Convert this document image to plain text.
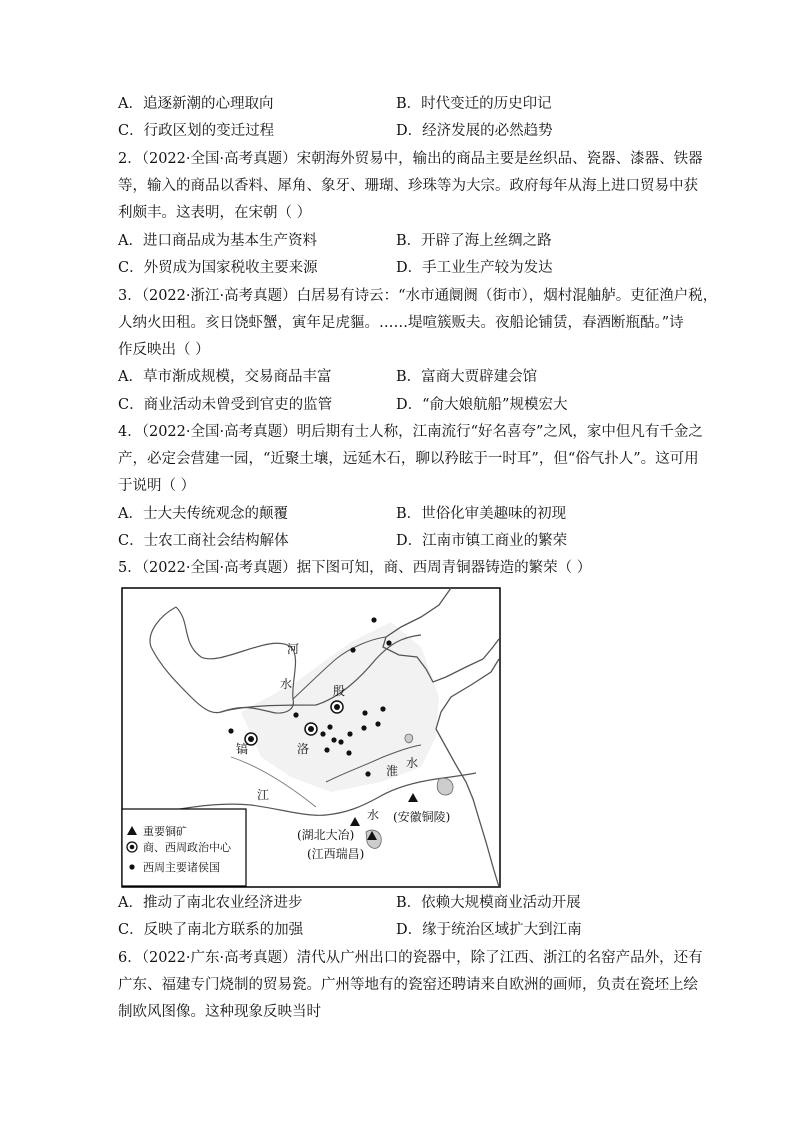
A．追逐新潮的心理取向	B．时代变迁的历史印记
C．行政区划的变迁过程	D．经济发展的必然趋势
2．（2022·全国·高考真题）宋朝海外贸易中，输出的商品主要是丝织品、瓷器、漆器、铁器
等，输入的商品以香料、犀角、象牙、珊瑚、珍珠等为大宗。政府每年从海上进口贸易中获
利颇丰。这表明，在宋朝（ ）
A．进口商品成为基本生产资料	B．开辟了海上丝绸之路
C．外贸成为国家税收主要来源	D．手工业生产较为发达
3．（2022·浙江·高考真题）白居易有诗云：“水市通阛阓（街市），烟村混舳舻。吏征渔户税，
人纳火田租。亥日饶虾蟹，寅年足虎貙。……堤喧簇贩夫。夜船论铺赁，春酒断瓶酤。”诗
作反映出（ ）
A．草市渐成规模，交易商品丰富	B．富商大贾辟建会馆
C．商业活动未曾受到官吏的监管	D．“俞大娘航船”规模宏大
4．（2022·全国·高考真题）明后期有士人称，江南流行“好名喜夸”之风，家中但凡有千金之
产，必定会营建一园，“近聚土壤，远延木石，聊以矜眩于一时耳”，但“俗气扑人”。这可用
于说明（ ）
A．士大夫传统观念的颠覆	B．世俗化审美趣味的初现
C．士农工商社会结构解体	D．江南市镇工商业的繁荣
5．（2022·全国·高考真题）据下图可知，商、西周青铜器铸造的繁荣（ ）
河
水	殷
镐	洛
淮
水
江
水 (安徽铜陵)
(湖北大冶)
(江西瑞昌)
重要铜矿
商、西周政治中心
西周主要诸侯国
A．推动了南北农业经济进步	B．依赖大规模商业活动开展
C．反映了南北方联系的加强	D．缘于统治区域扩大到江南
6．（2022·广东·高考真题）清代从广州出口的瓷器中，除了江西、浙江的名窑产品外，还有
广东、福建专门烧制的贸易瓷。广州等地有的瓷窑还聘请来自欧洲的画师，负责在瓷坯上绘
制欧风图像。这种现象反映当时
